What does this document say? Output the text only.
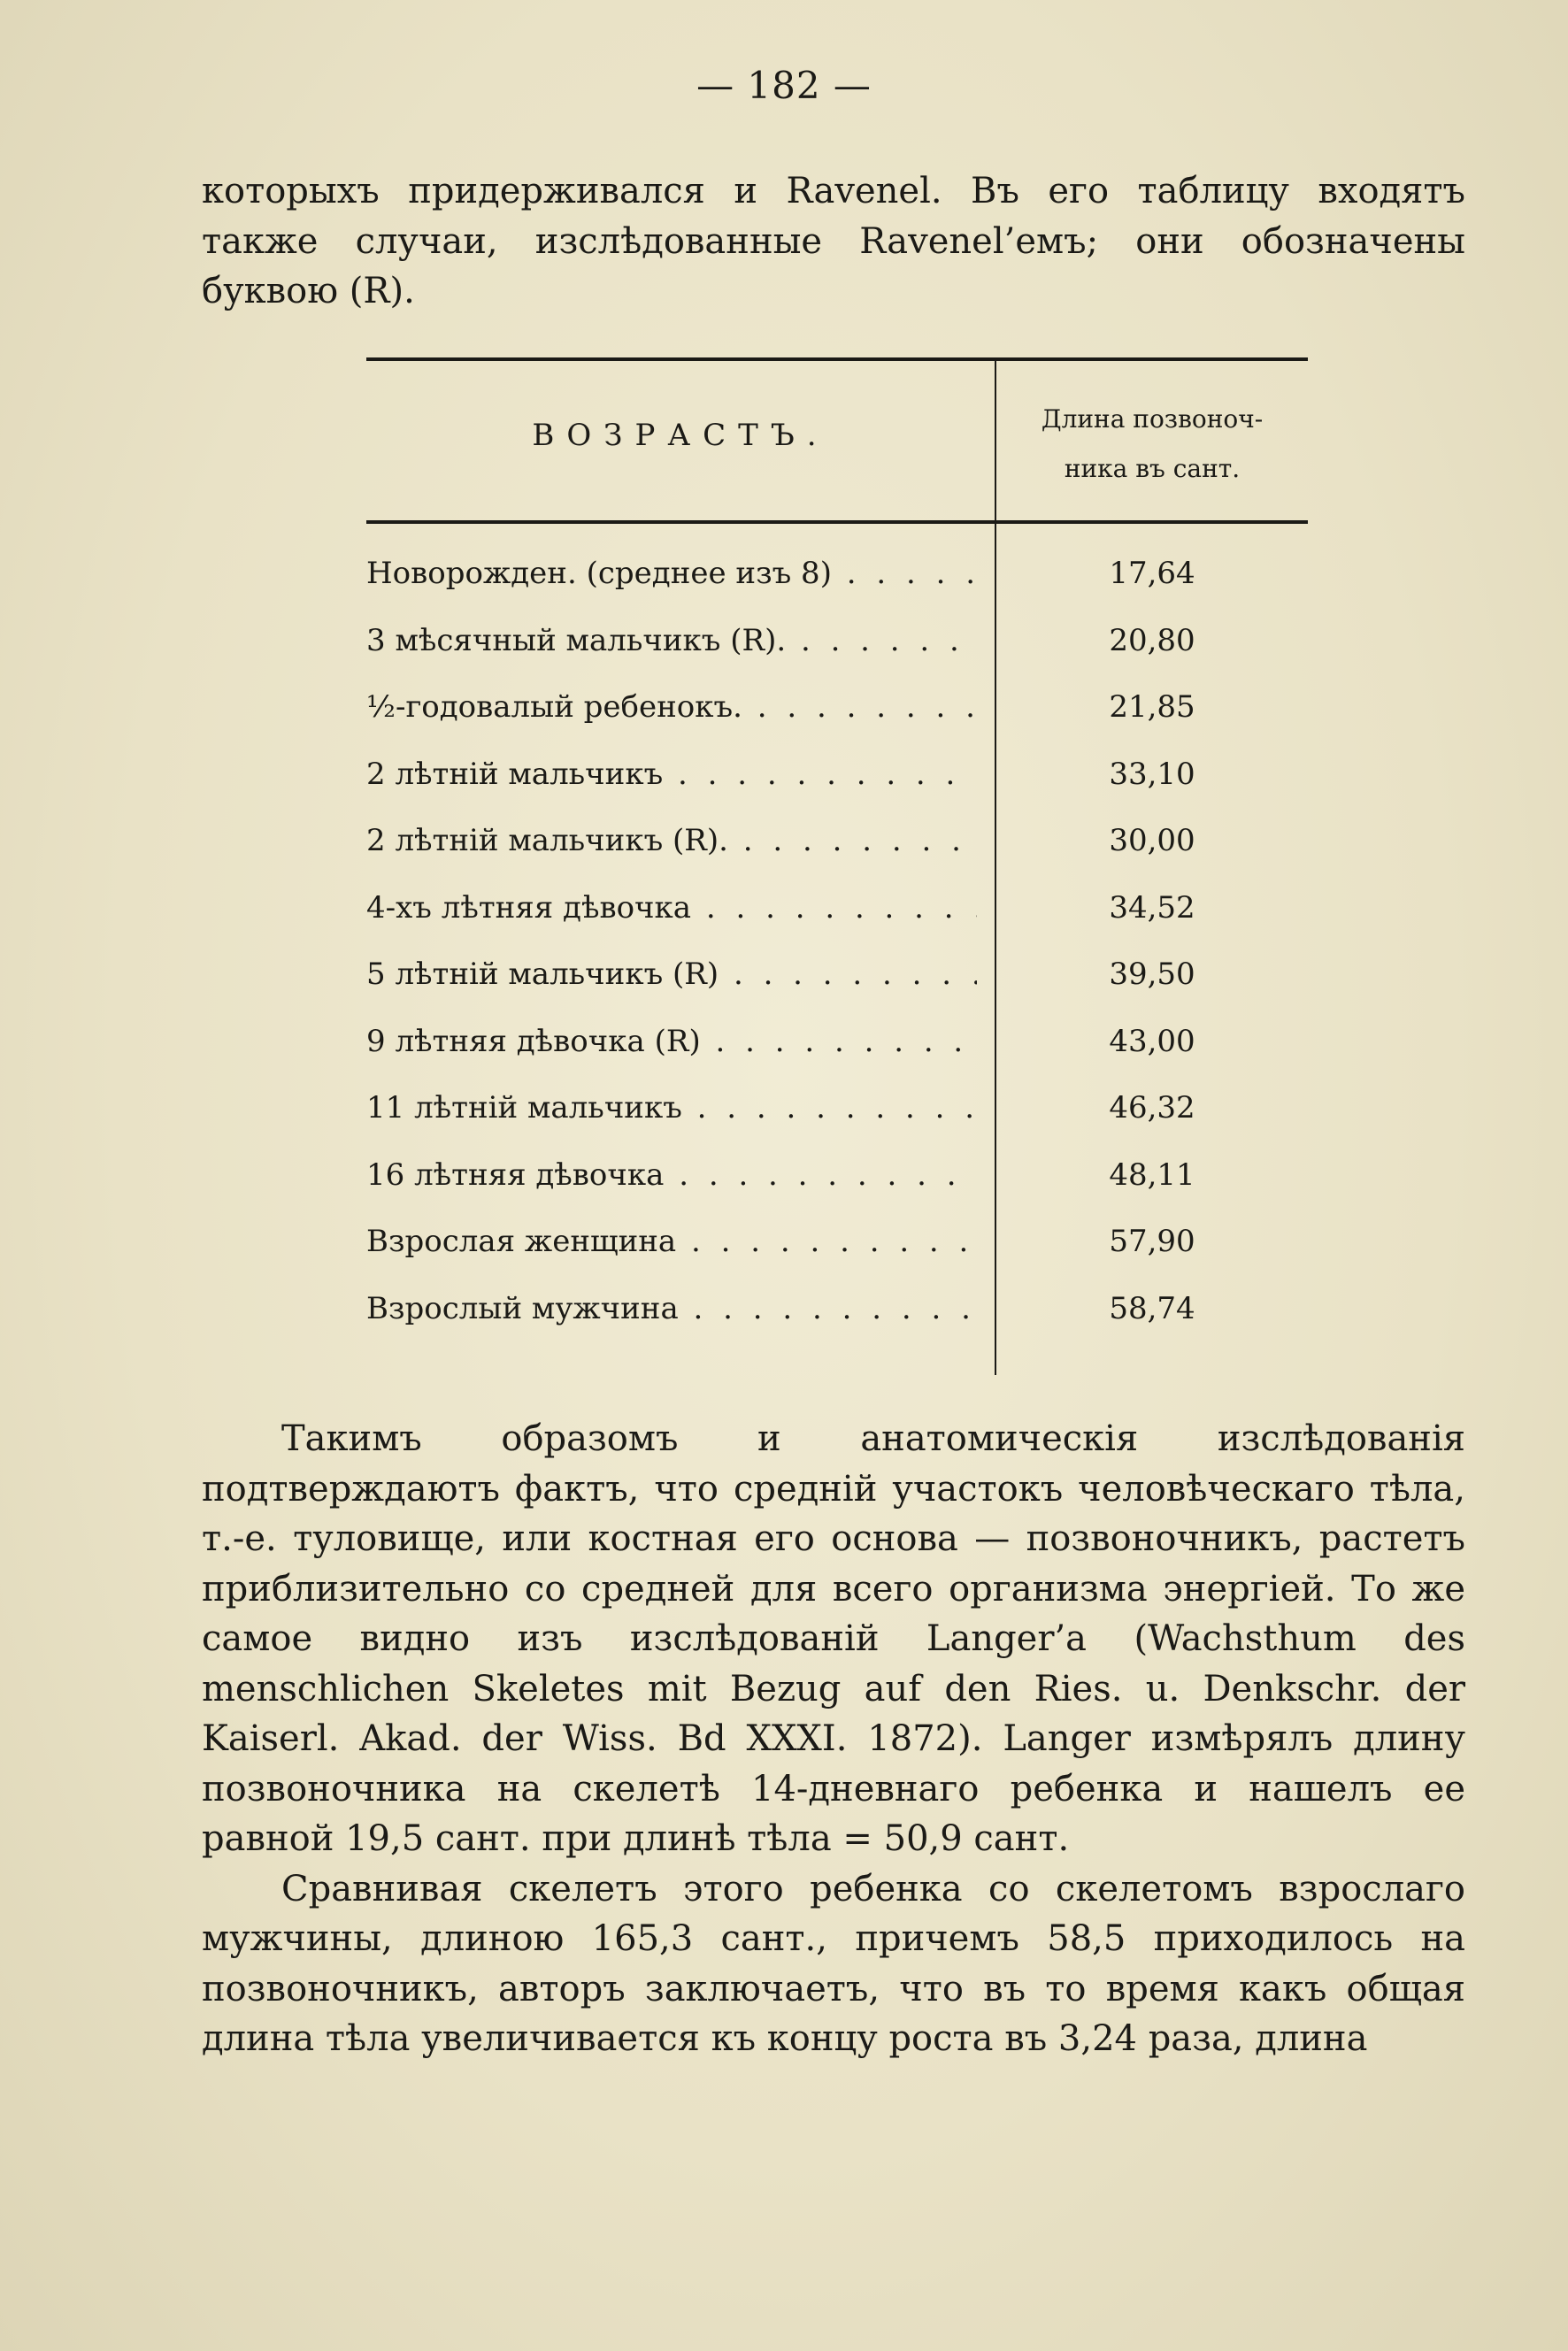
— 182 —
которыхъ придерживался и Ravenel. Въ его таблицу входятъ также случаи, изслѣдованные Ravenel’емъ; они обозначены буквою (R).
ВОЗРАСТЪ.	Длина позвоноч-
ника въ сант.
Новорожден. (среднее изъ 8) . . .	17,64
3 мѣсячный мальчикъ (R). . . .	20,80
½-годовалый ребенокъ. . . .	21,85
2 лѣтній мальчикъ . . .	33,10
2 лѣтній мальчикъ (R). . . .	30,00
4-хъ лѣтняя дѣвочка . . .	34,52
5 лѣтній мальчикъ (R) . . .	39,50
9 лѣтняя дѣвочка (R) . . .	43,00
11 лѣтній мальчикъ . . .	46,32
16 лѣтняя дѣвочка . . .	48,11
Взрослая женщина . . .	57,90
Взрослый мужчина . . .	58,74

Такимъ образомъ и анатомическія изслѣдованія подтверждаютъ фактъ, что средній участокъ человѣческаго тѣла, т.-е. туловище, или костная его основа — позвоночникъ, растетъ приблизительно со средней для всего организма энергіей. То же самое видно изъ изслѣдованій Langer’а (Wachsthum des menschlichen Skeletes mit Bezug auf den Ries. u. Denkschr. der Kaiserl. Akad. der Wiss. Bd XXXI. 1872). Langer измѣрялъ длину позвоночника на скелетѣ 14-дневнаго ребенка и нашелъ ее равной 19,5 сант. при длинѣ тѣла = 50,9 сант.

Сравнивая скелетъ этого ребенка со скелетомъ взрослаго мужчины, длиною 165,3 сант., причемъ 58,5 приходилось на позвоночникъ, авторъ заключаетъ, что въ то время какъ общая длина тѣла увеличивается къ концу роста въ 3,24 раза, длина
